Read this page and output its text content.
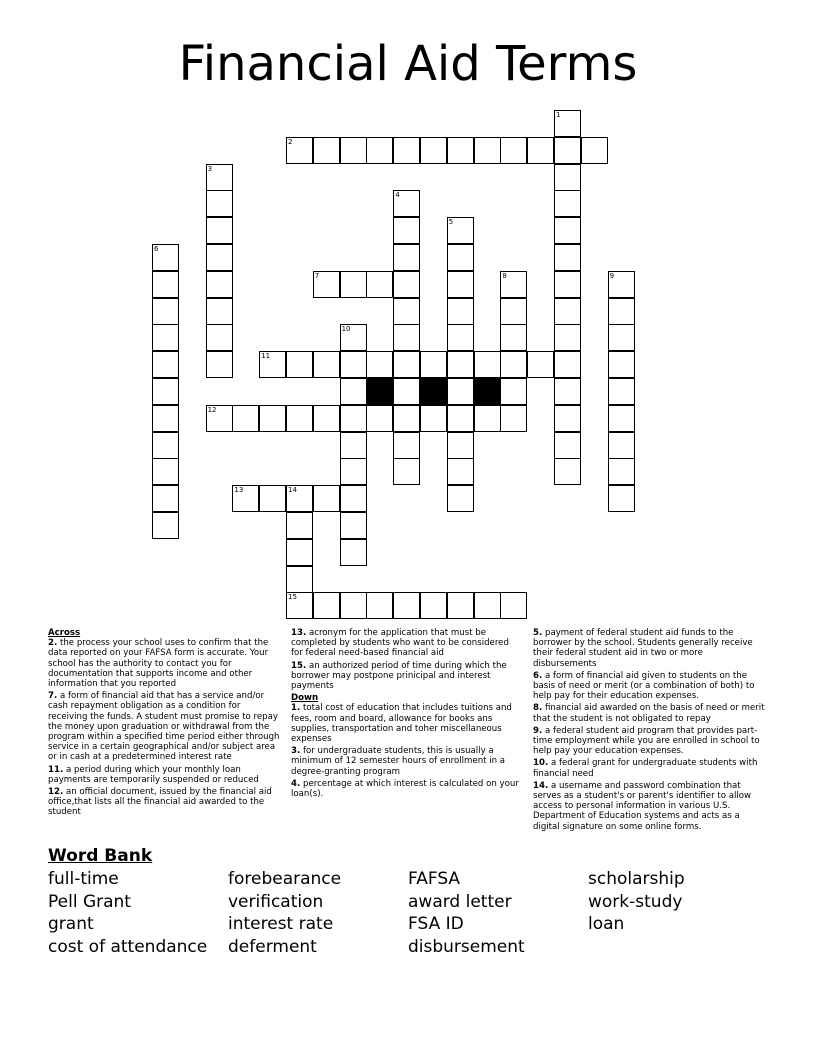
Financial Aid Terms
1
2
3
4
5
6
7	8	9
10
11
12
13	14
15
Across
2. the process your school uses to confirm that the data reported on your FAFSA form is accurate. Your school has the authority to contact you for documentation that supports income and other information that you reported
7. a form of financial aid that has a service and/or cash repayment obligation as a condition for receiving the funds. A student must promise to repay the money upon graduation or withdrawal from the program within a specified time period either through service in a certain geographical and/or subject area or in cash at a predetermined interest rate
11. a period during which your monthly loan payments are temporarily suspended or reduced
12. an official document, issued by the financial aid office,that lists all the financial aid awarded to the student
13. acronym for the application that must be completed by students who want to be considered for federal need-based financial aid
15. an authorized period of time during which the borrower may postpone prinicipal and interest payments
Down
1. total cost of education that includes tuitions and fees, room and board, allowance for books ans supplies, transportation and toher miscellaneous expenses
3. for undergraduate students, this is usually a minimum of 12 semester hours of enrollment in a degree-granting program
4. percentage at which interest is calculated on your loan(s).
5. payment of federal student aid funds to the borrower by the school. Students generally receive their federal student aid in two or more disbursements
6. a form of financial aid given to students on the basis of need or merit (or a combination of both) to help pay for their education expenses.
8. financial aid awarded on the basis of need or merit that the student is not obligated to repay
9. a federal student aid program that provides part-time employment while you are enrolled in school to help pay your education expenses.
10. a federal grant for undergraduate students with financial need
14. a username and password combination that serves as a student's or parent's identifier to allow access to personal information in various U.S. Department of Education systems and acts as a digital signature on some online forms.
Word Bank
full-time	forebearance	FAFSA	scholarship
Pell Grant	verification	award letter	work-study
grant	interest rate	FSA ID	loan
cost of attendance	deferment	disbursement
